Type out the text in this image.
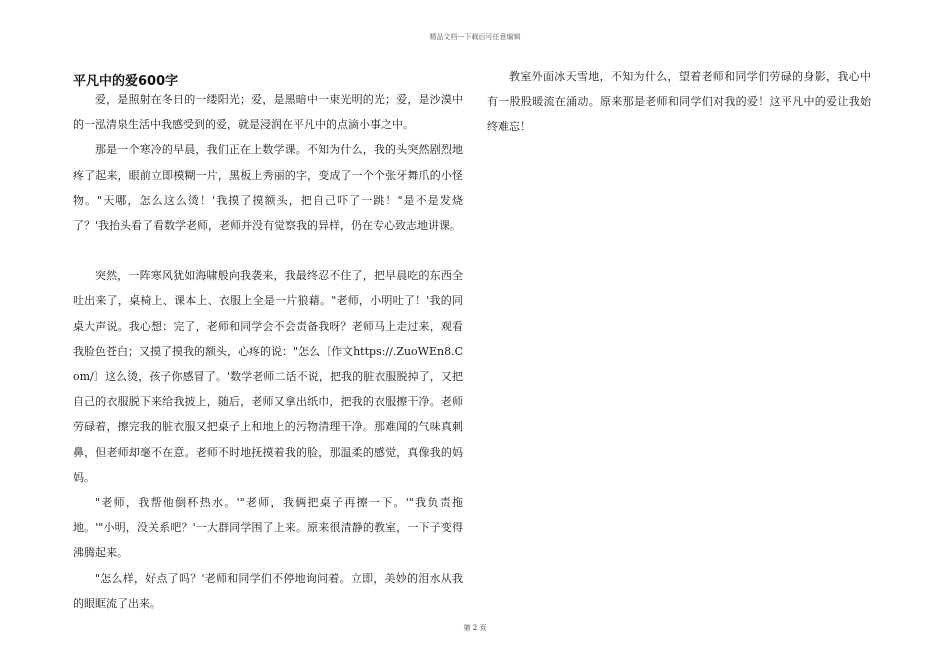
精品文档---下载后可任意编辑
平凡中的爱600字

爱，是照射在冬日的一缕阳光；爱，是黑暗中一束光明的光；爱，是沙漠中的一泓清泉生活中我感受到的爱，就是浸润在平凡中的点滴小事之中。

那是一个寒冷的早晨，我们正在上数学课。不知为什么，我的头突然剧烈地疼了起来，眼前立即模糊一片，黑板上秀丽的字，变成了一个个张牙舞爪的小怪物。"天哪，怎么这么烫！'我摸了摸额头，把自己吓了一跳！"是不是发烧了？'我抬头看了看数学老师，老师并没有觉察我的异样，仍在专心致志地讲课。

突然，一阵寒风犹如海啸般向我袭来，我最终忍不住了，把早晨吃的东西全吐出来了，桌椅上、课本上、衣服上全是一片狼藉。"老师，小明吐了！'我的同桌大声说。我心想：完了，老师和同学会不会责备我呀？老师马上走过来，观看我脸色苍白；又摸了摸我的额头，心疼的说："怎么〔作文https://.ZuoWEn8.Com/〕这么烫，孩子你感冒了。'数学老师二话不说，把我的脏衣服脱掉了，又把自己的衣服脱下来给我披上，随后，老师又拿出纸巾，把我的衣服擦干净。老师劳碌着，擦完我的脏衣服又把桌子上和地上的污物清理干净。那难闻的气味真刺鼻，但老师却毫不在意。老师不时地抚摸着我的脸，那温柔的感觉，真像我的妈妈。

"老师，我帮他倒杯热水。'"老师，我俩把桌子再擦一下。'"我负责拖地。'"小明，没关系吧？'一大群同学围了上来。原来很清静的教室，一下子变得沸腾起来。

"怎么样，好点了吗？'老师和同学们不停地询问着。立即，美妙的泪水从我的眼眶流了出来。

教室外面冰天雪地，不知为什么，望着老师和同学们劳碌的身影，我心中有一股股暖流在涌动。原来那是老师和同学们对我的爱！这平凡中的爱让我始终难忘！

第 2 页
